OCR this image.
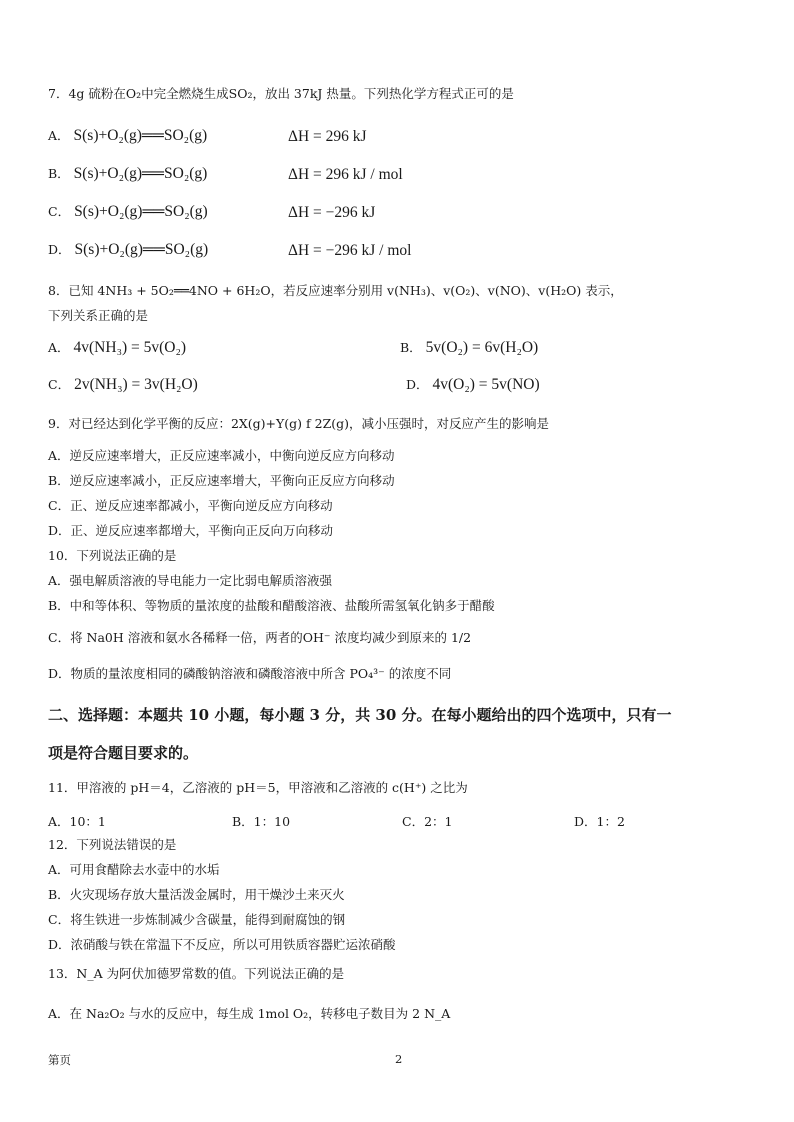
7．4g 硫粉在O₂中完全燃烧生成SO₂，放出 37kJ 热量。下列热化学方程式正可的是
A． S(s)+O₂(g)══SO₂(g)	ΔH = 296 kJ
B． S(s)+O₂(g)══SO₂(g)	ΔH = 296 kJ / mol
C． S(s)+O₂(g)══SO₂(g)	ΔH = −296 kJ
D． S(s)+O₂(g)══SO₂(g)	ΔH = −296 kJ / mol
8．已知 4NH₃ + 5O₂══4NO + 6H₂O，若反应速率分别用 v(NH₃)、v(O₂)、v(NO)、v(H₂O) 表示，
下列关系正确的是
A． 4v(NH₃) = 5v(O₂)	B． 5v(O₂) = 6v(H₂O)
C． 2v(NH₃) = 3v(H₂O)	D． 4v(O₂) = 5v(NO)
9．对已经达到化学平衡的反应：2X(g)+Y(g) f 2Z(g)，减小压强时，对反应产生的影响是
A．逆反应速率增大，正反应速率减小，中衡向逆反应方向移动
B．逆反应速率减小，正反应速率增大，平衡向正反应方向移动
C．正、逆反应速率都减小，平衡向逆反应方向移动
D．正、逆反应速率都增大，平衡向正反向万向移动
10．下列说法正确的是
A．强电解质溶液的导电能力一定比弱电解质溶液强
B．中和等体积、等物质的量浓度的盐酸和醋酸溶液、盐酸所需氢氧化钠多于醋酸
C．将 Na0H 溶液和氨水各稀释一倍，两者的OH⁻ 浓度均减少到原来的 1/2
D．物质的量浓度相同的磷酸钠溶液和磷酸溶液中所含 PO₄³⁻ 的浓度不同
二、选择题：本题共 10 小题，每小题 3 分，共 30 分。在每小题给出的四个选项中，只有一
项是符合题目要求的。
11．甲溶液的 pH＝4，乙溶液的 pH＝5，甲溶液和乙溶液的 c(H⁺) 之比为
A．10：1	B．1：10	C．2：1	D．1：2
12．下列说法错误的是
A．可用食醋除去水壶中的水垢
B．火灾现场存放大量活泼金属时，用干燥沙土来灭火
C．将生铁进一步炼制减少含碳量，能得到耐腐蚀的钢
D．浓硝酸与铁在常温下不反应，所以可用铁质容器贮运浓硝酸
13．N_A 为阿伏加德罗常数的值。下列说法正确的是
A．在 Na₂O₂ 与水的反应中，每生成 1mol O₂，转移电子数目为 2 N_A
第页	2
